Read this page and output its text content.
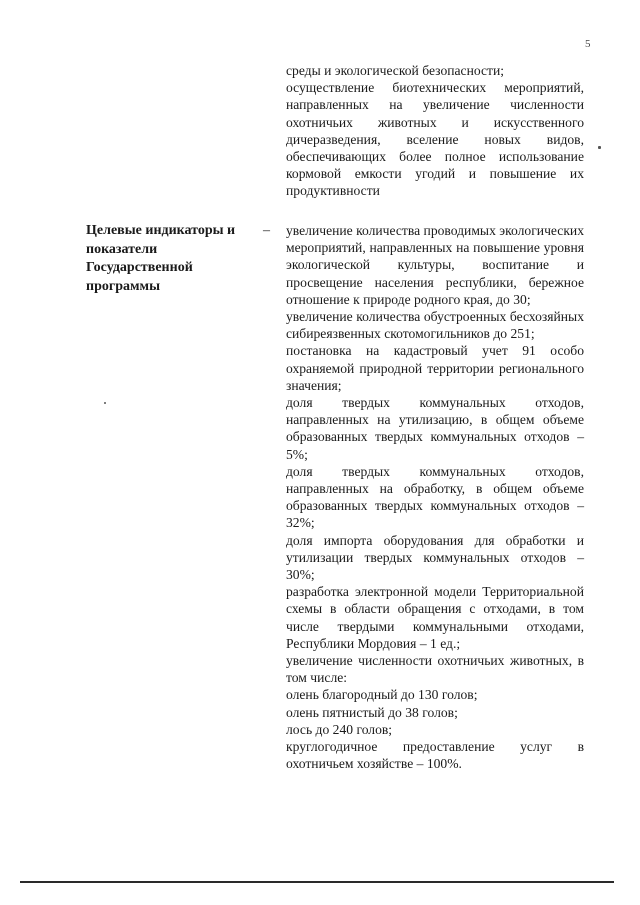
5

среды и экологической безопасности;

осуществление биотехнических мероприятий, направленных на увеличение численности охотничьих животных и искусственного дичеразведения, вселение новых видов, обеспечивающих более полное использование кормовой емкости угодий и повышение их продуктивности

Целевые индикаторы и показатели Государственной программы
– увеличение количества проводимых экологических мероприятий, направленных на повышение уровня экологической культуры, воспитание и просвещение населения республики, бережное отношение к природе родного края, до 30;

увеличение количества обустроенных бесхозяйных сибиреязвенных скотомогильников до 251;

постановка на кадастровый учет 91 особо охраняемой природной территории регионального значения;

доля твердых коммунальных отходов, направленных на утилизацию, в общем объеме образованных твердых коммунальных отходов – 5%;

доля твердых коммунальных отходов, направленных на обработку, в общем объеме образованных твердых коммунальных отходов – 32%;

доля импорта оборудования для обработки и утилизации твердых коммунальных отходов – 30%;

разработка электронной модели Территориальной схемы в области обращения с отходами, в том числе твердыми коммунальными отходами, Республики Мордовия – 1 ед.;

увеличение численности охотничьих животных, в том числе:

олень благородный до 130 голов;

олень пятнистый до 38 голов;

лось до 240 голов;

круглогодичное предоставление услуг в охотничьем хозяйстве – 100%.
